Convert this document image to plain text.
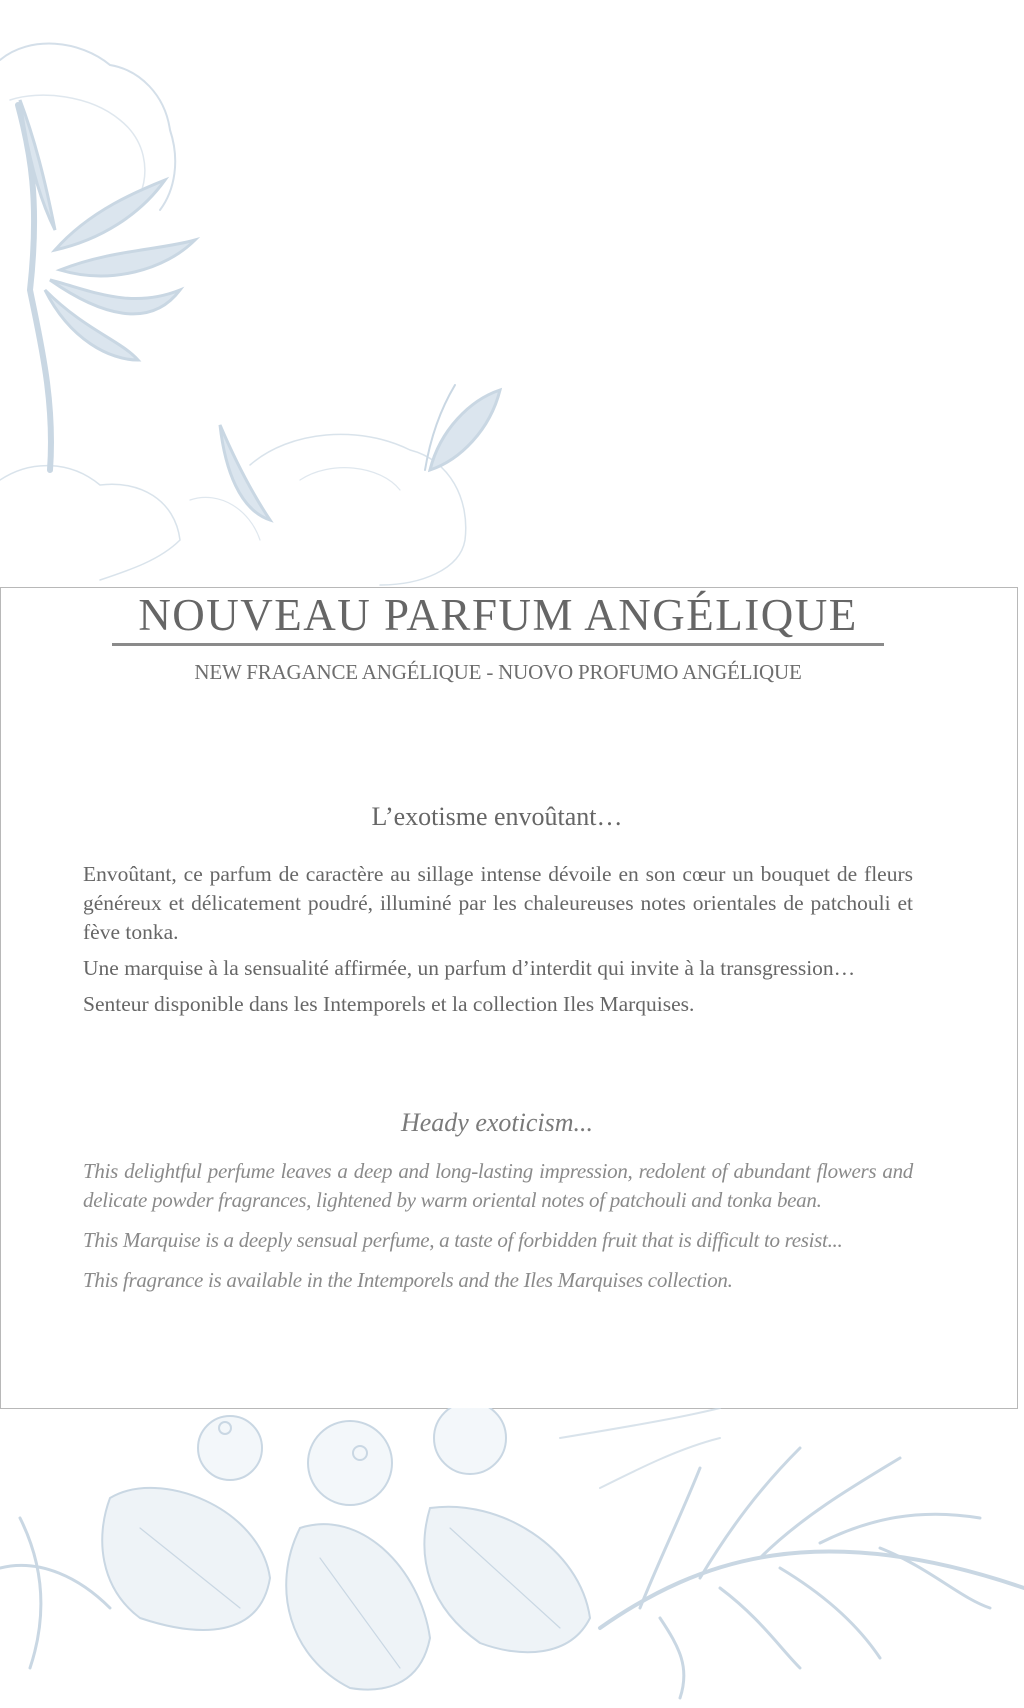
NOUVEAU PARFUM ANGÉLIQUE
NEW FRAGANCE ANGÉLIQUE - NUOVO PROFUMO ANGÉLIQUE
L’exotisme envoûtant…

Envoûtant, ce parfum de caractère au sillage intense dévoile en son cœur un bouquet de fleurs généreux et délicatement poudré, illuminé par les chaleureuses notes orientales de patchouli et fève tonka.

Une marquise à la sensualité affirmée, un parfum d’interdit qui invite à la transgression…

Senteur disponible dans les Intemporels et la collection Iles Marquises.

Heady exoticism...

This delightful perfume leaves a deep and long-lasting impression, redolent of abundant flowers and delicate powder fragrances, lightened by warm oriental notes of patchouli and tonka bean.

This Marquise is a deeply sensual perfume, a taste of forbidden fruit that is difficult to resist...

This fragrance is available in the Intemporels and the Iles Marquises collection.
